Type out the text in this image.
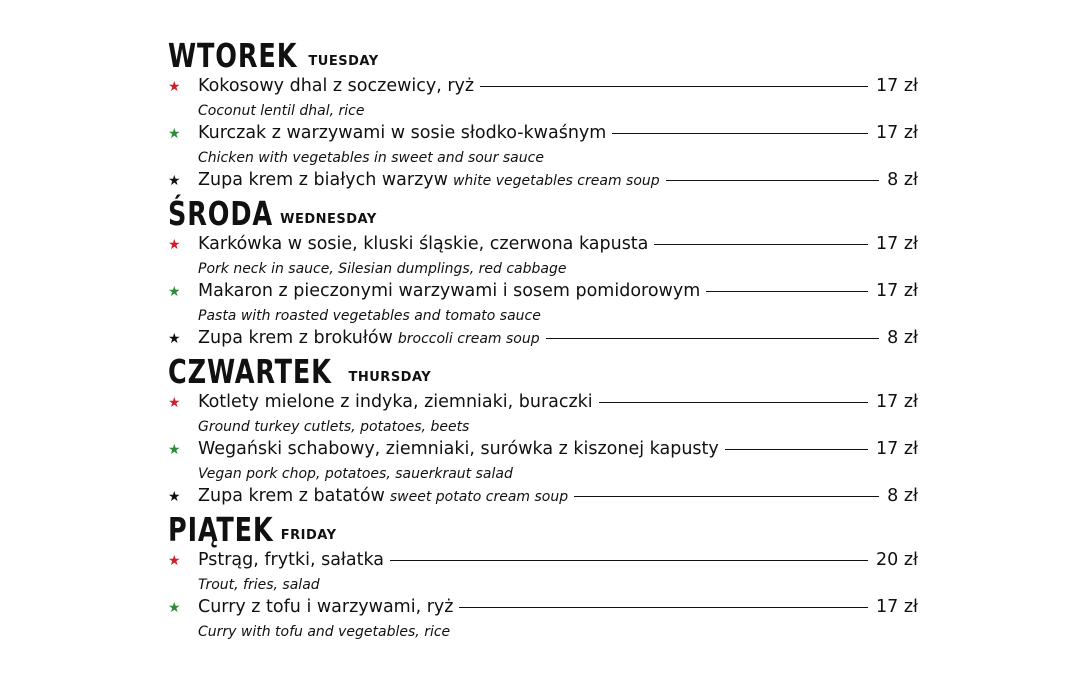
WTOREK TUESDAY
★ Kokosowy dhal z soczewicy, ryż	17 zł
Coconut lentil dhal, rice
★ Kurczak z warzywami w sosie słodko-kwaśnym	17 zł
Chicken with vegetables in sweet and sour sauce
★ Zupa krem z białych warzyw white vegetables cream soup	8 zł
ŚRODA WEDNESDAY
★ Karkówka w sosie, kluski śląskie, czerwona kapusta	17 zł
Pork neck in sauce, Silesian dumplings, red cabbage
★ Makaron z pieczonymi warzywami i sosem pomidorowym	17 zł
Pasta with roasted vegetables and tomato sauce
★ Zupa krem z brokułów broccoli cream soup	8 zł
CZWARTEK THURSDAY
★ Kotlety mielone z indyka, ziemniaki, buraczki	17 zł
Ground turkey cutlets, potatoes, beets
★ Wegański schabowy, ziemniaki, surówka z kiszonej kapusty	17 zł
Vegan pork chop, potatoes, sauerkraut salad
★ Zupa krem z batatów sweet potato cream soup	8 zł
PIĄTEK FRIDAY
★ Pstrąg, frytki, sałatka	20 zł
Trout, fries, salad
★ Curry z tofu i warzywami, ryż	17 zł
Curry with tofu and vegetables, rice
